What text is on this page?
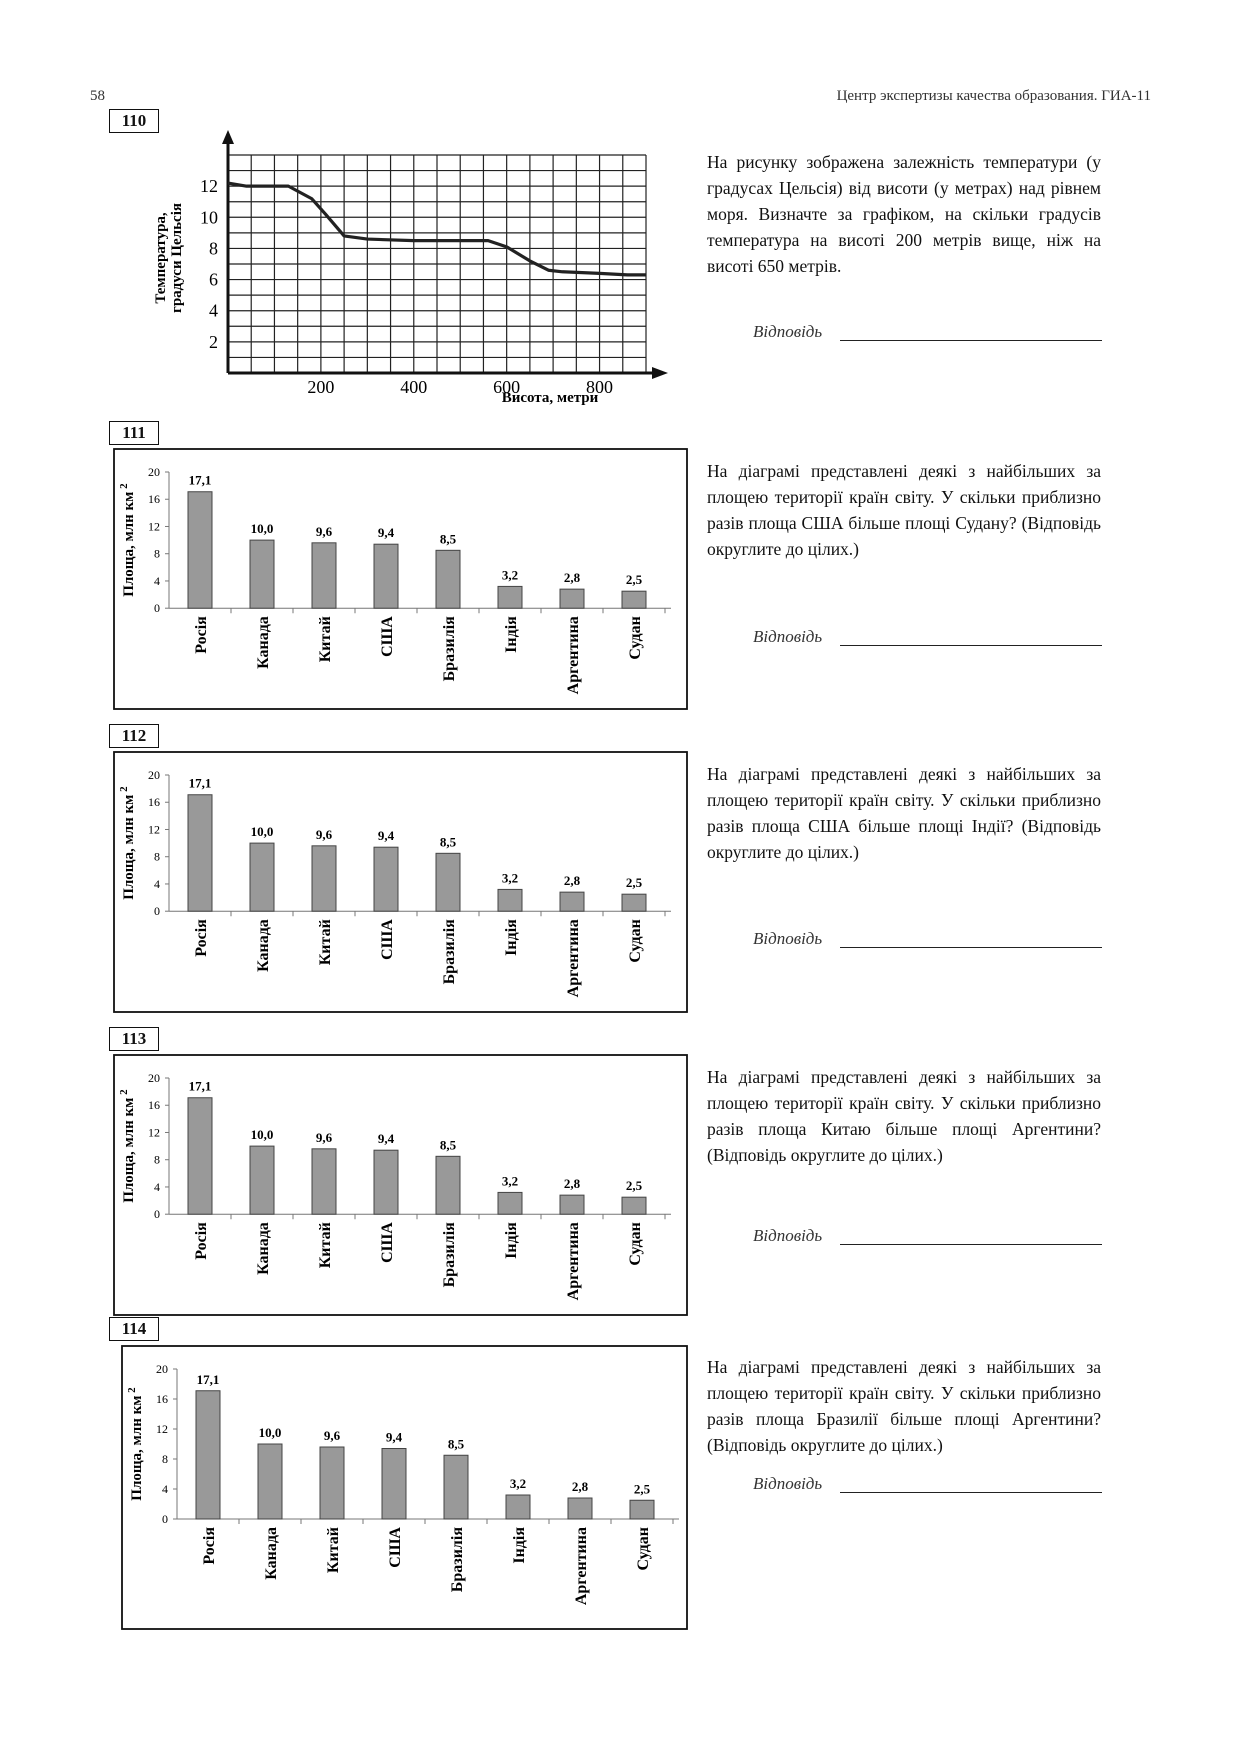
58	Центр экспертизы качества образования. ГИА-11
110
2
4
6
8
10
12
200	400	600	800
Температура, градуси Цельсія
Висота, метри

На рисунку зображена залежність температури (у градусах Цельсія) від висоти (у метрах) над рівнем моря. Визначте за графіком, на скільки градусів температура на висоті 200 метрів вище, ніж на висоті 650 метрів.

Відповідь
111
0
4
8
12
16
20
Площа, млн км $^2$	17,1
Росія
10,0
Канада
9,6
Китай
9,4
США
8,5
Бразилія
3,2
Індія
2,8
Аргентина
2,5
Судан

На діаграмі представлені деякі з найбільших за площею території країн світу. У скільки приблизно разів площа США більше площі Судану? (Відповідь округлите до цілих.)

Відповідь
112
0
4
8
12
16
20
Площа, млн км $^2$	17,1
Росія
10,0
Канада
9,6
Китай
9,4
США
8,5
Бразилія
3,2
Індія
2,8
Аргентина
2,5
Судан

На діаграмі представлені деякі з найбільших за площею території країн світу. У скільки приблизно разів площа США більше площі Індії? (Відповідь округлите до цілих.)

Відповідь
113
0
4
8
12
16
20
Площа, млн км $^2$	17,1
Росія
10,0
Канада
9,6
Китай
9,4
США
8,5
Бразилія
3,2
Індія
2,8
Аргентина
2,5
Судан

На діаграмі представлені деякі з найбільших за площею території країн світу. У скільки приблизно разів площа Китаю більше площі Аргентини? (Відповідь округлите до цілих.)

Відповідь
114
0
4
8
12
16
20
Площа, млн км $^2$
17,1
Росія
10,0
Канада
9,6
Китай
9,4
США
8,5
Бразилія
3,2
Індія
2,8
Аргентина
2,5
Судан

На діаграмі представлені деякі з найбільших за площею території країн світу. У скільки приблизно разів площа Бразилії більше площі Аргентини? (Відповідь округлите до цілих.)

Відповідь
